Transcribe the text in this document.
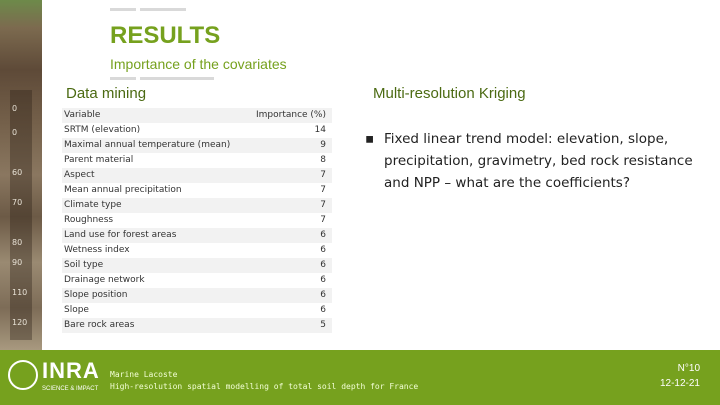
0
0
60
70
80
90
110
120
RESULTS
Importance of the covariates
Data mining	Multi-resolution Kriging
Variable	Importance (%)
SRTM (elevation)	14
Maximal annual temperature (mean)	9
Parent material	8
Aspect	7
Mean annual precipitation	7
Climate type	7
Roughness	7
Land use for forest areas	6
Wetness index	6
Soil type	6
Drainage network	6
Slope position	6
Slope	6
Bare rock areas	5
▪ Fixed linear trend model: elevation, slope, precipitation, gravimetry, bed rock resistance and NPP – what are the coefficients?
INRA
SCIENCE & IMPACT
Marine Lacoste
High-resolution spatial modelling of total soil depth for France
N°10
12-12-21
